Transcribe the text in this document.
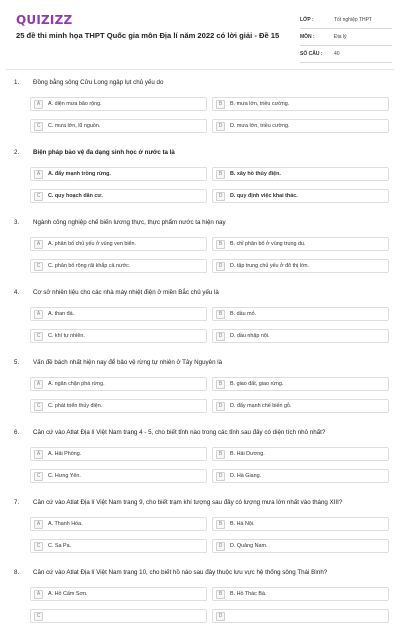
QUIZIZZ
25 đề thi minh họa THPT Quốc gia môn Địa lí năm 2022 có lời giải - Đề 15
LỚP :	Tốt nghiệp THPT
MÔN :	Địa lý
SỐ CÂU :	40
1.	Đồng bằng sông Cửu Long ngập lụt chủ yếu do
A	A. diện mưa bão rộng.	B	B. mưa lớn, triều cường.
C	C. mưa lớn, lũ nguồn.	D	D. mưa lớn, triều cường.
2.	Biện pháp bảo vệ đa dạng sinh học ở nước ta là
A	A. đẩy mạnh trồng rừng.	B	B. xây hồ thủy điện.
C	C. quy hoạch dân cư.	D	D. quy định việc khai thác.
3.	Ngành công nghiệp chế biến lương thực, thực phẩm nước ta hiện nay
A	A. phân bố chủ yếu ở vùng ven biển.	B	B. chỉ phân bố ở vùng trung du.
C	C. phân bố rộng rãi khắp cả nước.	D	D. tập trung chủ yếu ở đô thị lớn.
4.	Cơ sở nhiên liệu cho các nhà máy nhiệt điện ở miền Bắc chủ yếu là
A	A. than đá.	B	B. dầu mỏ.
C	C. khí tự nhiên.	D	D. dầu nhập nội.
5.	Vấn đề bách nhất hiện nay để bảo vệ rừng tự nhiên ở Tây Nguyên là
A	A. ngăn chặn phá rừng.	B	B. giao đất, giao rừng.
C	C. phát triển thủy điện.	D	D. đẩy mạnh chế biến gỗ.
6.	Căn cứ vào Atlat Địa lí Việt Nam trang 4 - 5, cho biết tỉnh nào trong các tỉnh sau đây có diện tích nhỏ nhất?
A	A. Hải Phòng.	B	B. Hải Dương.
C	C. Hưng Yên.	D	D. Hà Giang.
7.	Căn cứ vào Atlat Địa lí Việt Nam trang 9, cho biết trạm khí tượng sau đây có lượng mưa lớn nhất vào tháng XIII?
A	A. Thanh Hóa.	B	B. Hà Nội.
C	C. Sa Pa.	D	D. Quảng Nam.
8.	Căn cứ vào Atlat Địa lí Việt Nam trang 10, cho biết hồ nào sau đây thuộc lưu vực hệ thống sông Thái Bình?
A	A. Hồ Cấm Sơn.	B	B. Hồ Thác Bà.
C	D
